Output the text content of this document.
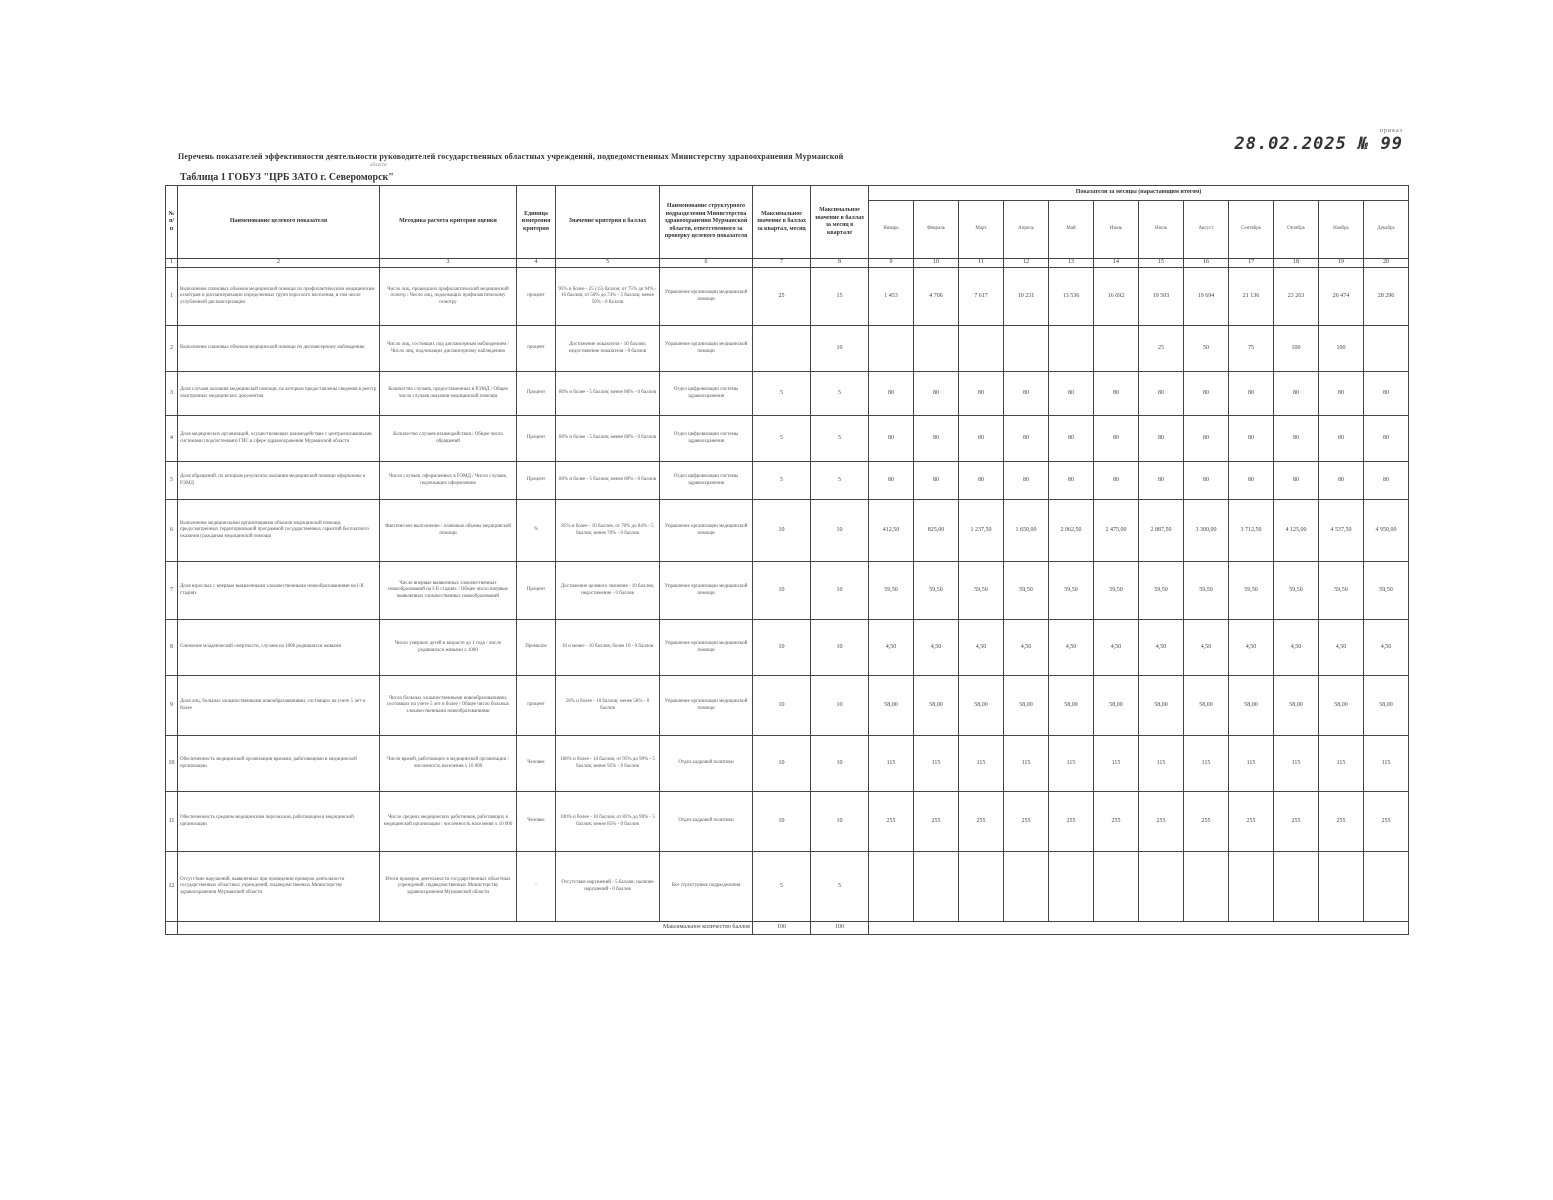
приказ
28.02.2025 № 99
Перечень показателей эффективности деятельности руководителей государственных областных учреждений, подведомственных Министерству здравоохранения Мурманской
области
Таблица 1 ГОБУЗ "ЦРБ ЗАТО г. Североморск"
№ п/п	Наименование целевого показателя	Методика расчета критерия оценки	Единица измерения критерия	Значение критерия в баллах	Наименование структурного подразделения Министерства здравоохранения Мурманской области, ответственного за проверку целевого показателя	Максимальное значение в баллах за квартал, месяц	Максимальное значение в баллах за месяц в квартале	Показатели за месяцы (нарастающим итогом)											
								Январь	Февраль	Март	Апрель	Май	Июнь	Июль	Август	Сентябрь	Октябрь	Ноябрь	Декабрь
1	2	3	4	5	6	7	8	9	10	11	12	13	14	15	16	17	18	19	20
1	Выполнение плановых объемов медицинской помощи по профилактическим медицинским осмотрам и диспансеризации определенных групп взрослого населения, в том числе углубленной диспансеризации	Число лиц, прошедших профилактический медицинский осмотр / Число лиц, подлежащих профилактическому осмотру	процент	95% и более - 25 (15) баллов; от 75% до 94% - 10 баллов; от 50% до 74% - 5 баллов; менее 50% - 0 баллов	Управление организации медицинской помощи	25	15	1 453	4 706	7 617	10 231	13 536	16 692	19 503	19 694	21 136	23 263	26 474	28 296
2	Выполнение плановых объемов медицинской помощи по диспансерному наблюдению	Число лиц, состоящих под диспансерным наблюдением / Число лиц, подлежащих диспансерному наблюдению	процент	Достижение показателя - 10 баллов; недостижение показателя - 0 баллов	Управление организации медицинской помощи		10							25	50	75	100	100	
3	Доля случаев оказания медицинской помощи, по которым предоставлены сведения в реестр электронных медицинских документов	Количество случаев, предоставленных в РЭМД / Общее число случаев оказания медицинской помощи	Процент	80% и более - 5 баллов; менее 80% - 0 баллов	Отдел цифровизации системы здравоохранения	5	5	80	80	80	80	80	80	80	80	80	80	80	80
4	Доля медицинских организаций, осуществляющих взаимодействие с централизованными системами (подсистемами) ГИС в сфере здравоохранения Мурманской области	Количество случаев взаимодействия / Общее число обращений	Процент	80% и более - 5 баллов; менее 80% - 0 баллов	Отдел цифровизации системы здравоохранения	5	5	80	80	80	80	80	80	80	80	80	80	80	80
5	Доля обращений, по которым результаты оказания медицинской помощи оформлены в РЭМД	Число случаев, оформленных в РЭМД / Число случаев, подлежащих оформлению	Процент	80% и более - 5 баллов; менее 80% - 0 баллов	Отдел цифровизации системы здравоохранения	5	5	80	80	80	80	80	80	80	80	80	80	80	80
6	Выполнение медицинскими организациями объемов медицинской помощи, предусмотренных территориальной программой государственных гарантий бесплатного оказания гражданам медицинской помощи	Фактическое выполнение / плановые объемы медицинской помощи	%	85% и более - 10 баллов; от 70% до 84% - 5 баллов; менее 70% - 0 баллов	Управление организации медицинской помощи	10	10	412,50	825,00	1 237,50	1 650,00	2 062,50	2 475,00	2 887,50	3 300,00	3 712,50	4 125,00	4 537,50	4 950,00
7	Доля взрослых с впервые выявленными злокачественными новообразованиями на I-II стадиях	Число впервые выявленных злокачественных новообразований на I-II стадиях / Общее число впервые выявленных злокачественных новообразований	Процент	Достижение целевого значения - 10 баллов; недостижение - 0 баллов	Управление организации медицинской помощи	10	10	59,50	59,50	59,50	59,50	59,50	59,50	59,50	59,50	59,50	59,50	59,50	59,50
8	Снижение младенческой смертности, случаев на 1000 родившихся живыми	Число умерших детей в возрасте до 1 года / число родившихся живыми x 1000	Промилле	10 и менее - 10 баллов; более 10 - 0 баллов	Управление организации медицинской помощи	10	10	4,50	4,50	4,50	4,50	4,50	4,50	4,50	4,50	4,50	4,50	4,50	4,50
9	Доля лиц, больных злокачественными новообразованиями, состоящих на учете 5 лет и более	Число больных злокачественными новообразованиями, состоящих на учете 5 лет и более / Общее число больных злокачественными новообразованиями	процент	58% и более - 10 баллов; менее 58% - 0 баллов	Управление организации медицинской помощи	10	10	58,00	58,00	58,00	58,00	58,00	58,00	58,00	58,00	58,00	58,00	58,00	58,00
10	Обеспеченность медицинской организации врачами, работающими в медицинской организации	Число врачей, работающих в медицинской организации / численность населения x 10 000	Человек	100% и более - 10 баллов; от 95% до 99% - 5 баллов; менее 95% - 0 баллов	Отдел кадровой политики	10	10	115	115	115	115	115	115	115	115	115	115	115	115
11	Обеспеченность средним медицинским персоналом, работающим в медицинской организации	Число средних медицинских работников, работающих в медицинской организации / численность населения x 10 000	Человек	100% и более - 10 баллов; от 85% до 99% - 5 баллов; менее 85% - 0 баллов	Отдел кадровой политики	10	10	255	255	255	255	255	255	255	255	255	255	255	255
12	Отсутствие нарушений, выявленных при проведении проверок деятельности государственных областных учреждений, подведомственных Министерству здравоохранения Мурманской области	Итоги проверок деятельности государственных областных учреждений, подведомственных Министерству здравоохранения Мурманской области	-	Отсутствие нарушений - 5 баллов; наличие нарушений - 0 баллов	Все структурные подразделения	5	5												
	Максимальное количество баллов					100	100												
